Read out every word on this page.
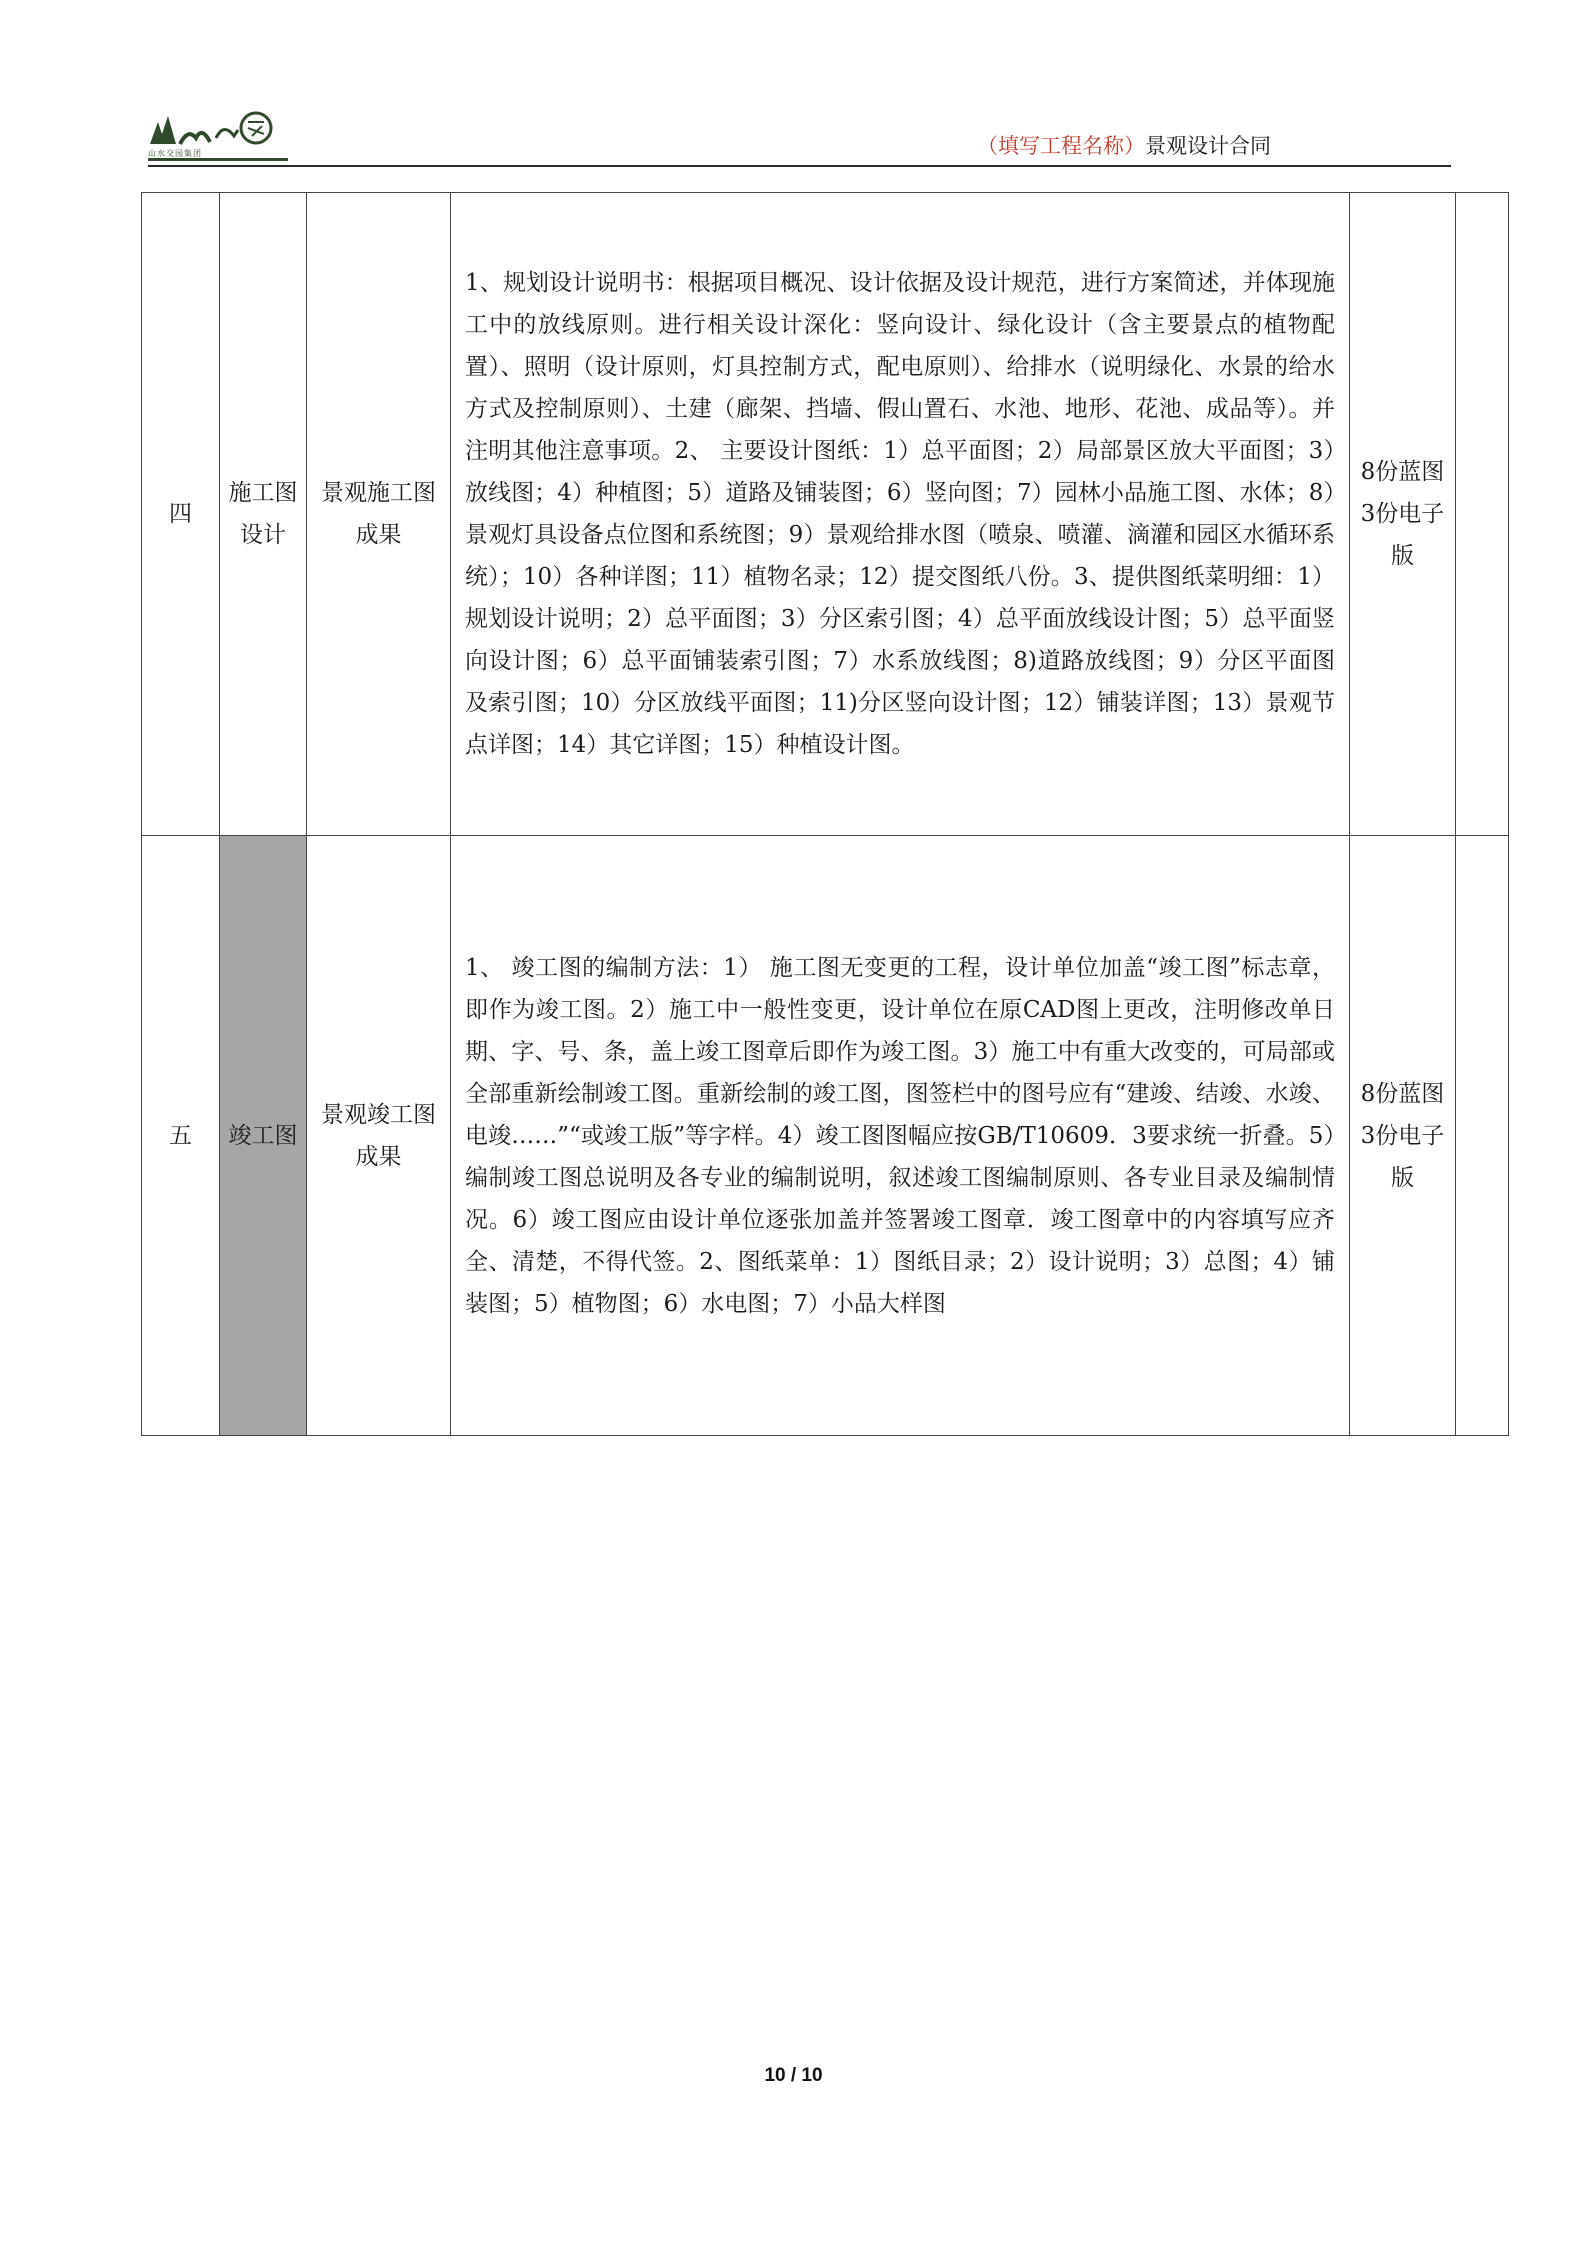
山水交园集团	（填写工程名称）景观设计合同
四	施工图设计	景观施工图成果	1、规划设计说明书：根据项目概况、设计依据及设计规范，进行方案简述，并体现施工中的放线原则。进行相关设计深化：竖向设计、绿化设计（含主要景点的植物配置）、照明（设计原则，灯具控制方式，配电原则）、给排水（说明绿化、水景的给水方式及控制原则）、土建（廊架、挡墙、假山置石、水池、地形、花池、成品等）。并注明其他注意事项。2、 主要设计图纸：1）总平面图；2）局部景区放大平面图；3）放线图；4）种植图；5）道路及铺装图；6）竖向图；7）园林小品施工图、水体；8）景观灯具设备点位图和系统图；9）景观给排水图（喷泉、喷灌、滴灌和园区水循环系统）；10）各种详图；11）植物名录；12）提交图纸八份。3、提供图纸菜明细：1）规划设计说明；2）总平面图；3）分区索引图；4）总平面放线设计图；5）总平面竖向设计图；6）总平面铺装索引图；7）水系放线图；8)道路放线图；9）分区平面图及索引图；10）分区放线平面图；11)分区竖向设计图；12）铺装详图；13）景观节点详图；14）其它详图；15）种植设计图。	8份蓝图3份电子版	
五	竣工图	景观竣工图成果	1、 竣工图的编制方法：1） 施工图无变更的工程，设计单位加盖“竣工图”标志章，即作为竣工图。2）施工中一般性变更，设计单位在原CAD图上更改，注明修改单日期、字、号、条，盖上竣工图章后即作为竣工图。3）施工中有重大改变的，可局部或全部重新绘制竣工图。重新绘制的竣工图，图签栏中的图号应有“建竣、结竣、水竣、电竣……”“或竣工版”等字样。4）竣工图图幅应按GB/T10609．3要求统一折叠。5）编制竣工图总说明及各专业的编制说明，叙述竣工图编制原则、各专业目录及编制情况。6）竣工图应由设计单位逐张加盖并签署竣工图章．竣工图章中的内容填写应齐全、清楚，不得代签。2、图纸菜单：1）图纸目录；2）设计说明；3）总图；4）铺装图；5）植物图；6）水电图；7）小品大样图	8份蓝图3份电子版	
10 / 10
